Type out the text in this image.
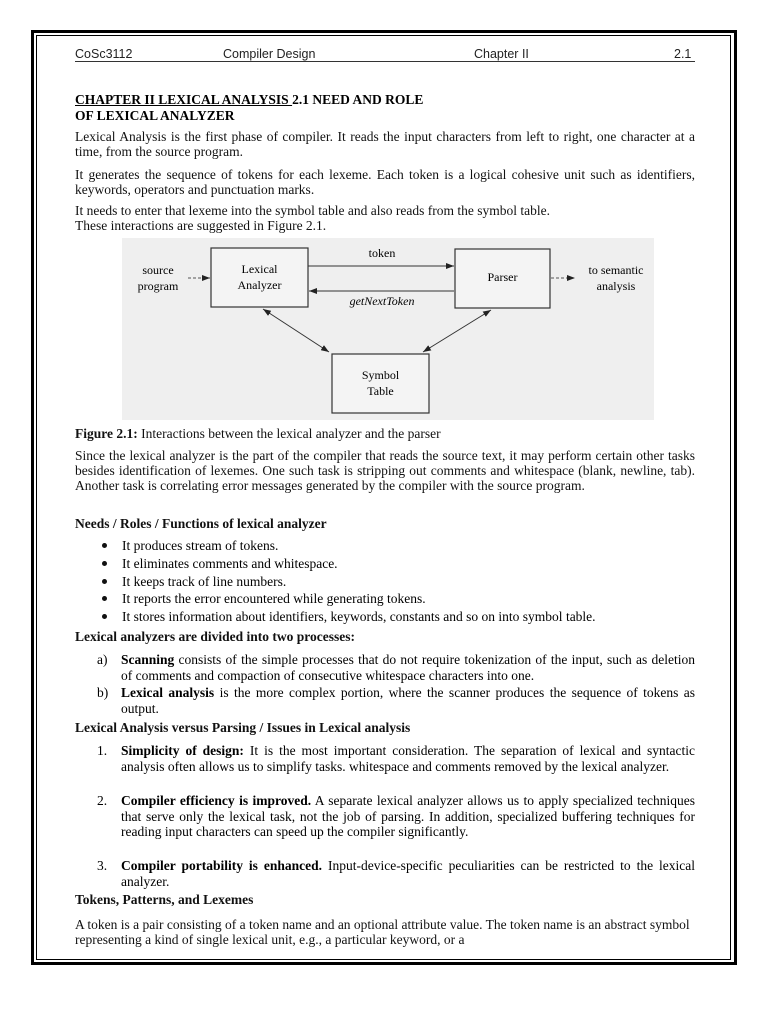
CoSc3112	Compiler Design	Chapter II	2.1
CHAPTER II LEXICAL ANALYSIS 2.1 NEED AND ROLE
OF LEXICAL ANALYZER
Lexical Analysis is the first phase of compiler. It reads the input characters from left to right, one character at a time, from the source program.
It generates the sequence of tokens for each lexeme. Each token is a logical cohesive unit such as identifiers, keywords, operators and punctuation marks.
It needs to enter that lexeme into the symbol table and also reads from the symbol table.
These interactions are suggested in Figure 2.1.
source
program
Lexical
Analyzer
token
getNextToken
Parser	to semantic
analysis
Symbol
Table
Figure 2.1: Interactions between the lexical analyzer and the parser
Since the lexical analyzer is the part of the compiler that reads the source text, it may perform certain other tasks besides identification of lexemes. One such task is stripping out comments and whitespace (blank, newline, tab). Another task is correlating error messages generated by the compiler with the source program.
Needs / Roles / Functions of lexical analyzer
It produces stream of tokens.
It eliminates comments and whitespace.
It keeps track of line numbers.
It reports the error encountered while generating tokens.
It stores information about identifiers, keywords, constants and so on into symbol table.
Lexical analyzers are divided into two processes:
a) Scanning consists of the simple processes that do not require tokenization of the input, such as deletion of comments and compaction of consecutive whitespace characters into one.
b) Lexical analysis is the more complex portion, where the scanner produces the sequence of tokens as output.
Lexical Analysis versus Parsing / Issues in Lexical analysis
1. Simplicity of design: It is the most important consideration. The separation of lexical and syntactic analysis often allows us to simplify tasks. whitespace and comments removed by the lexical analyzer.
2. Compiler efficiency is improved. A separate lexical analyzer allows us to apply specialized techniques that serve only the lexical task, not the job of parsing. In addition, specialized buffering techniques for reading input characters can speed up the compiler significantly.
3. Compiler portability is enhanced. Input-device-specific peculiarities can be restricted to the lexical analyzer.
Tokens, Patterns, and Lexemes
A token is a pair consisting of a token name and an optional attribute value. The token name is an abstract symbol representing a kind of single lexical unit, e.g., a particular keyword, or a
